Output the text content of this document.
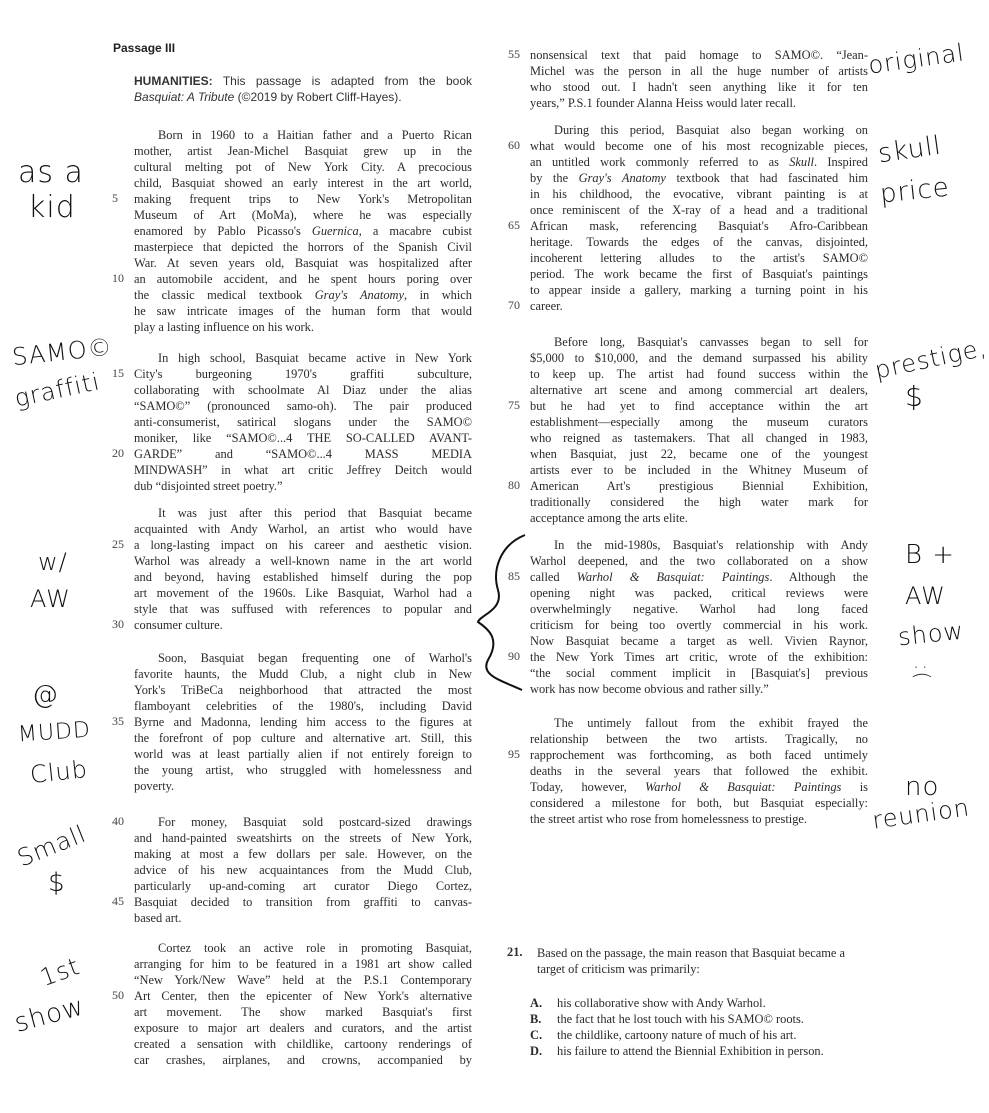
Passage III
HUMANITIES: This passage is adapted from the book
Basquiat: A Tribute (©2019 by Robert Cliff-Hayes).
Born in 1960 to a Haitian father and a Puerto Rican
mother, artist Jean-Michel Basquiat grew up in the
cultural melting pot of New York City. A precocious
child, Basquiat showed an early interest in the art world,
5 making frequent trips to New York's Metropolitan
Museum of Art (MoMa), where he was especially
enamored by Pablo Picasso's Guernica, a macabre cubist
masterpiece that depicted the horrors of the Spanish Civil
War. At seven years old, Basquiat was hospitalized after
10 an automobile accident, and he spent hours poring over
the classic medical textbook Gray's Anatomy, in which
he saw intricate images of the human form that would
play a lasting influence on his work.
In high school, Basquiat became active in New York
15 City's burgeoning 1970's graffiti subculture,
collaborating with schoolmate Al Diaz under the alias
“SAMO©” (pronounced samo-oh). The pair produced
anti-consumerist, satirical slogans under the SAMO©
moniker, like “SAMO©...4 THE SO-CALLED AVANT-
20 GARDE” and “SAMO©...4 MASS MEDIA
MINDWASH” in what art critic Jeffrey Deitch would
dub “disjointed street poetry.”
It was just after this period that Basquiat became
acquainted with Andy Warhol, an artist who would have
25 a long-lasting impact on his career and aesthetic vision.
Warhol was already a well-known name in the art world
and beyond, having established himself during the pop
art movement of the 1960s. Like Basquiat, Warhol had a
style that was suffused with references to popular and
30 consumer culture.
Soon, Basquiat began frequenting one of Warhol's
favorite haunts, the Mudd Club, a night club in New
York's TriBeCa neighborhood that attracted the most
flamboyant celebrities of the 1980's, including David
35 Byrne and Madonna, lending him access to the figures at
the forefront of pop culture and alternative art. Still, this
world was at least partially alien if not entirely foreign to
the young artist, who struggled with homelessness and
poverty.
40	For money, Basquiat sold postcard-sized drawings
and hand-painted sweatshirts on the streets of New York,
making at most a few dollars per sale. However, on the
advice of his new acquaintances from the Mudd Club,
particularly up-and-coming art curator Diego Cortez,
45 Basquiat decided to transition from graffiti to canvas-
based art.
Cortez took an active role in promoting Basquiat,
arranging for him to be featured in a 1981 art show called
“New York/New Wave” held at the P.S.1 Contemporary
50 Art Center, then the epicenter of New York's alternative
art movement. The show marked Basquiat's first
exposure to major art dealers and curators, and the artist
created a sensation with childlike, cartoony renderings of
car crashes, airplanes, and crowns, accompanied by
55 nonsensical text that paid homage to SAMO©. “Jean-
Michel was the person in all the huge number of artists
who stood out. I hadn't seen anything like it for ten
years,” P.S.1 founder Alanna Heiss would later recall.
During this period, Basquiat also began working on
60 what would become one of his most recognizable pieces,
an untitled work commonly referred to as Skull. Inspired
by the Gray's Anatomy textbook that had fascinated him
in his childhood, the evocative, vibrant painting is at
once reminiscent of the X-ray of a head and a traditional
65 African mask, referencing Basquiat's Afro-Caribbean
heritage. Towards the edges of the canvas, disjointed,
incoherent lettering alludes to the artist's SAMO©
period. The work became the first of Basquiat's paintings
to appear inside a gallery, marking a turning point in his
70 career.
Before long, Basquiat's canvasses began to sell for
$5,000 to $10,000, and the demand surpassed his ability
to keep up. The artist had found success within the
alternative art scene and among commercial art dealers,
75 but he had yet to find acceptance within the art
establishment—especially among the museum curators
who reigned as tastemakers. That all changed in 1983,
when Basquiat, just 22, became one of the youngest
artists ever to be included in the Whitney Museum of
80 American Art's prestigious Biennial Exhibition,
traditionally considered the high water mark for
acceptance among the arts elite.
In the mid-1980s, Basquiat's relationship with Andy
Warhol deepened, and the two collaborated on a show
85 called Warhol & Basquiat: Paintings. Although the
opening night was packed, critical reviews were
overwhelmingly negative. Warhol had long faced
criticism for being too overtly commercial in his work.
Now Basquiat became a target as well. Vivien Raynor,
90 the New York Times art critic, wrote of the exhibition:
“the social comment implicit in [Basquiat's] previous
work has now become obvious and rather silly.”
The untimely fallout from the exhibit frayed the
relationship between the two artists. Tragically, no
95 rapprochement was forthcoming, as both faced untimely
deaths in the several years that followed the exhibit.
Today, however, Warhol & Basquiat: Paintings is
considered a milestone for both, but Basquiat especially:
the street artist who rose from homelessness to prestige.
21. Based on the passage, the main reason that Basquiat became a target of criticism was primarily:
A. his collaborative show with Andy Warhol.
B. the fact that he lost touch with his SAMO© roots.
C. the childlike, cartoony nature of much of his art.
D. his failure to attend the Biennial Exhibition in person.
as a
kid
SAMO©
graffiti
w/
AW
@
MUDD
Club
Small
$
1st
show
original
skull
price
prestige,
$
B +
AW
show
:(
no
reunion
